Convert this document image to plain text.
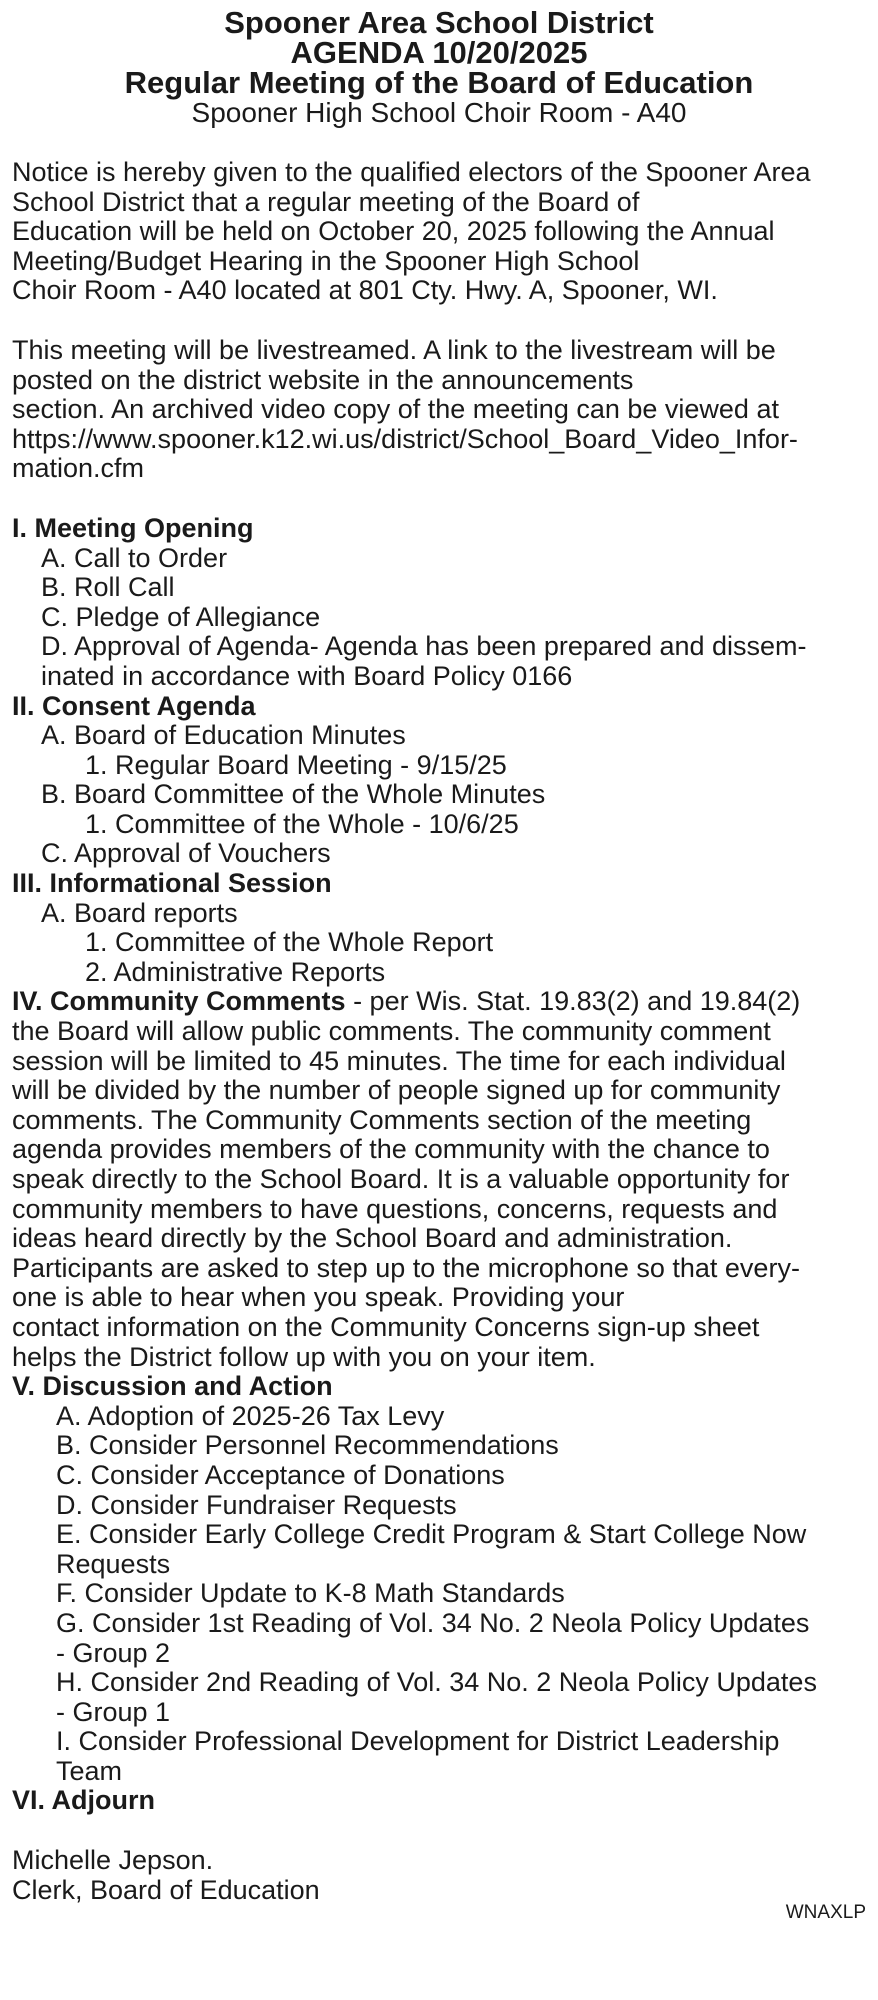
Spooner Area School District
AGENDA 10/20/2025
Regular Meeting of the Board of Education
Spooner High School Choir Room - A40
Notice is hereby given to the qualified electors of the Spooner Area
School District that a regular meeting of the Board of
Education will be held on October 20, 2025 following the Annual
Meeting/Budget Hearing in the Spooner High School
Choir Room - A40 located at 801 Cty. Hwy. A, Spooner, WI.
This meeting will be livestreamed. A link to the livestream will be
posted on the district website in the announcements
section. An archived video copy of the meeting can be viewed at
https://www.spooner.k12.wi.us/district/School_Board_Video_Infor-
mation.cfm
I. Meeting Opening
A. Call to Order
B. Roll Call
C. Pledge of Allegiance
D. Approval of Agenda- Agenda has been prepared and dissem-
inated in accordance with Board Policy 0166
II. Consent Agenda
A. Board of Education Minutes
1. Regular Board Meeting - 9/15/25
B. Board Committee of the Whole Minutes
1. Committee of the Whole - 10/6/25
C. Approval of Vouchers
III. Informational Session
A. Board reports
1. Committee of the Whole Report
2. Administrative Reports
IV. Community Comments - per Wis. Stat. 19.83(2) and 19.84(2)
the Board will allow public comments. The community comment
session will be limited to 45 minutes. The time for each individual
will be divided by the number of people signed up for community
comments. The Community Comments section of the meeting
agenda provides members of the community with the chance to
speak directly to the School Board. It is a valuable opportunity for
community members to have questions, concerns, requests and
ideas heard directly by the School Board and administration.
Participants are asked to step up to the microphone so that every-
one is able to hear when you speak. Providing your
contact information on the Community Concerns sign-up sheet
helps the District follow up with you on your item.
V. Discussion and Action
A. Adoption of 2025-26 Tax Levy
B. Consider Personnel Recommendations
C. Consider Acceptance of Donations
D. Consider Fundraiser Requests
E. Consider Early College Credit Program & Start College Now
Requests
F. Consider Update to K-8 Math Standards
G. Consider 1st Reading of Vol. 34 No. 2 Neola Policy Updates
- Group 2
H. Consider 2nd Reading of Vol. 34 No. 2 Neola Policy Updates
- Group 1
I. Consider Professional Development for District Leadership
Team
VI. Adjourn
Michelle Jepson.
Clerk, Board of Education
WNAXLP
